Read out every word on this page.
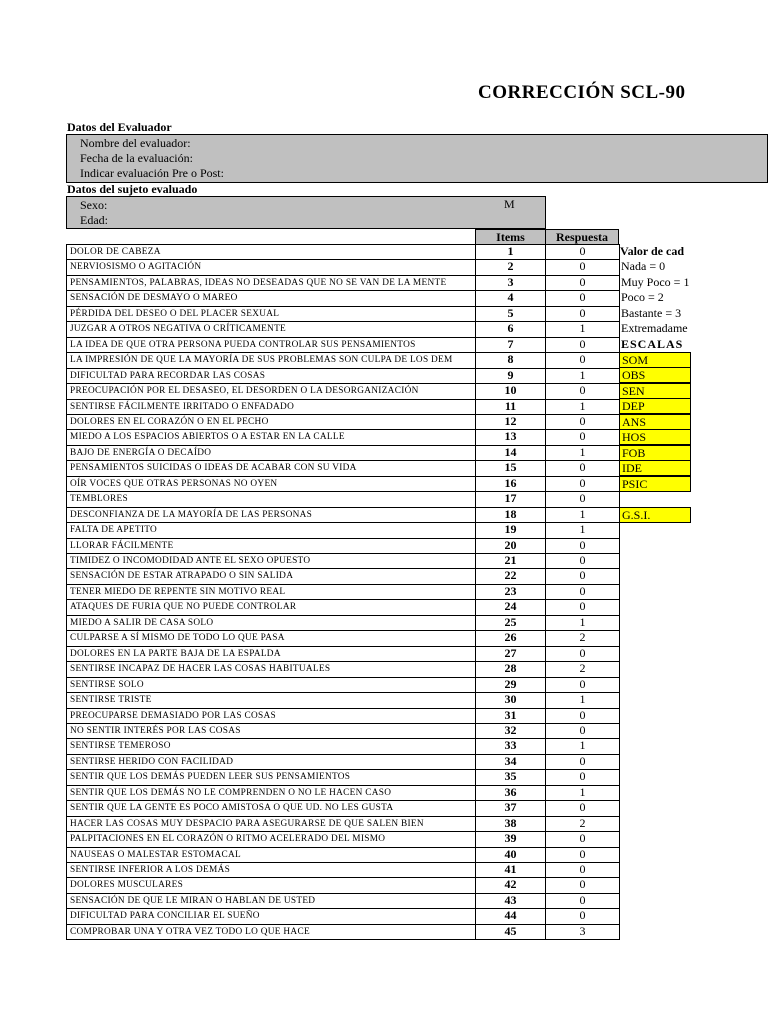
CORRECCIÓN SCL-90
Datos del Evaluador
Nombre del evaluador:
Fecha de la evaluación:
Indicar evaluación Pre o Post:
Datos del sujeto evaluado
Sexo:	M
Edad:
Items	Respuesta
DOLOR DE CABEZA	1	0
NERVIOSISMO O AGITACIÓN	2	0
PENSAMIENTOS, PALABRAS, IDEAS NO DESEADAS QUE NO SE VAN DE LA MENTE	3	0
SENSACIÓN DE DESMAYO O MAREO	4	0
PÉRDIDA DEL DESEO O DEL PLACER SEXUAL	5	0
JUZGAR A OTROS NEGATIVA O CRÍTICAMENTE	6	1
LA IDEA DE QUE OTRA PERSONA PUEDA CONTROLAR SUS PENSAMIENTOS	7	0
LA IMPRESIÓN DE QUE LA MAYORÍA DE SUS PROBLEMAS SON CULPA DE LOS DEM	8	0
DIFICULTAD PARA RECORDAR LAS COSAS	9	1
PREOCUPACIÓN POR EL DESASEO, EL DESORDEN O LA DESORGANIZACIÓN	10	0
SENTIRSE FÁCILMENTE IRRITADO O ENFADADO	11	1
DOLORES EN EL CORAZÓN O EN EL PECHO	12	0
MIEDO A LOS ESPACIOS ABIERTOS O A ESTAR EN LA CALLE	13	0
BAJO DE ENERGÍA O DECAÍDO	14	1
PENSAMIENTOS SUICIDAS O IDEAS DE ACABAR CON SU VIDA	15	0
OÍR VOCES QUE OTRAS PERSONAS NO OYEN	16	0
TEMBLORES	17	0
DESCONFIANZA DE LA MAYORÍA DE LAS PERSONAS	18	1
FALTA DE APETITO	19	1
LLORAR FÁCILMENTE	20	0
TIMIDEZ O INCOMODIDAD ANTE EL SEXO OPUESTO	21	0
SENSACIÓN DE ESTAR ATRAPADO O SIN SALIDA	22	0
TENER MIEDO DE REPENTE SIN MOTIVO REAL	23	0
ATAQUES DE FURIA QUE NO PUEDE CONTROLAR	24	0
MIEDO A SALIR DE CASA SOLO	25	1
CULPARSE A SÍ MISMO DE TODO LO QUE PASA	26	2
DOLORES EN LA PARTE BAJA DE LA ESPALDA	27	0
SENTIRSE INCAPAZ DE HACER LAS COSAS HABITUALES	28	2
SENTIRSE SOLO	29	0
SENTIRSE TRISTE	30	1
PREOCUPARSE DEMASIADO POR LAS COSAS	31	0
NO SENTIR INTERÉS POR LAS COSAS	32	0
SENTIRSE TEMEROSO	33	1
SENTIRSE HERIDO CON FACILIDAD	34	0
SENTIR QUE LOS DEMÁS PUEDEN LEER SUS PENSAMIENTOS	35	0
SENTIR QUE LOS DEMÁS NO LE COMPRENDEN O NO LE HACEN CASO	36	1
SENTIR QUE LA GENTE ES POCO AMISTOSA O QUE UD. NO LES GUSTA	37	0
HACER LAS COSAS MUY DESPACIO PARA ASEGURARSE DE QUE SALEN BIEN	38	2
PALPITACIONES EN EL CORAZÓN O RITMO ACELERADO DEL MISMO	39	0
NAUSEAS O MALESTAR ESTOMACAL	40	0
SENTIRSE INFERIOR A LOS DEMÁS	41	0
DOLORES MUSCULARES	42	0
SENSACIÓN DE QUE LE MIRAN O HABLAN DE USTED	43	0
DIFICULTAD PARA CONCILIAR EL SUEÑO	44	0
COMPROBAR UNA Y OTRA VEZ TODO LO QUE HACE	45	3
Valor de cad
Nada = 0
Muy Poco = 1
Poco = 2
Bastante = 3
Extremadame
ESCALAS
SOM
OBS
SEN
DEP
ANS
HOS
FOB
IDE
PSIC
G.S.I.
